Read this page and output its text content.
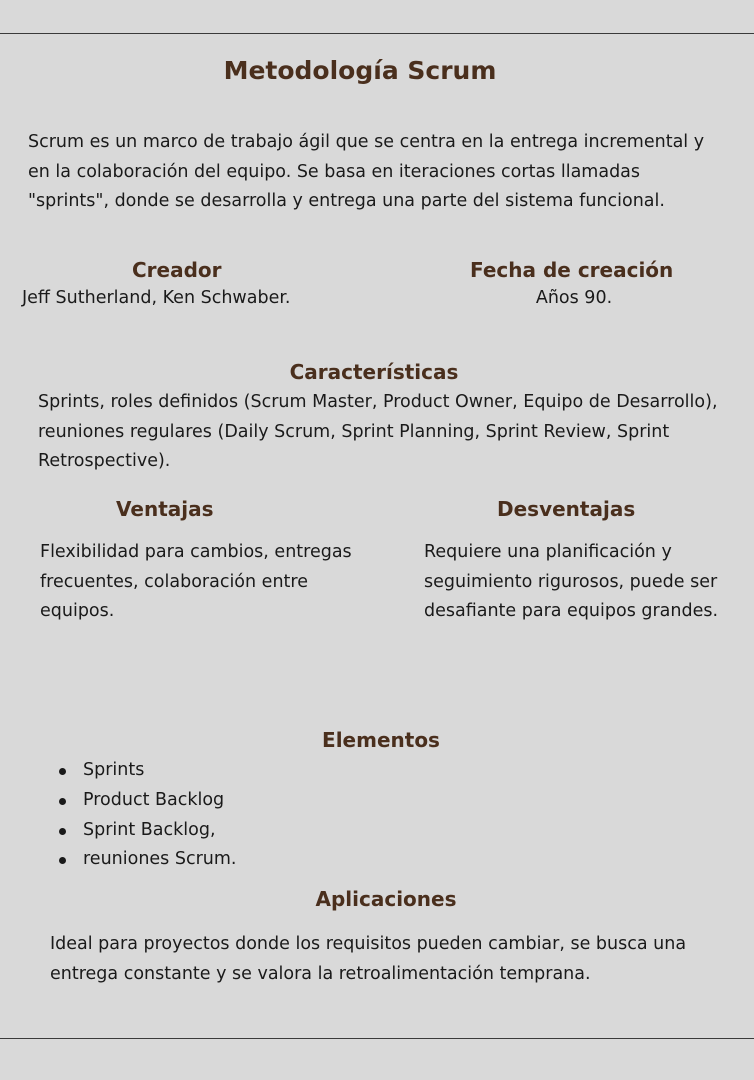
Metodología Scrum

Scrum es un marco de trabajo ágil que se centra en la entrega incremental y en la colaboración del equipo. Se basa en iteraciones cortas llamadas "sprints", donde se desarrolla y entrega una parte del sistema funcional.

Creador

Jeff Sutherland, Ken Schwaber.

Fecha de creación

Años 90.

Características

Sprints, roles definidos (Scrum Master, Product Owner, Equipo de Desarrollo), reuniones regulares (Daily Scrum, Sprint Planning, Sprint Review, Sprint Retrospective).

Ventajas

Flexibilidad para cambios, entregas frecuentes, colaboración entre equipos.

Desventajas

Requiere una planificación y seguimiento rigurosos, puede ser desafiante para equipos grandes.

Elementos
Sprints
Product Backlog
Sprint Backlog,
reuniones Scrum.
Aplicaciones

Ideal para proyectos donde los requisitos pueden cambiar, se busca una entrega constante y se valora la retroalimentación temprana.
